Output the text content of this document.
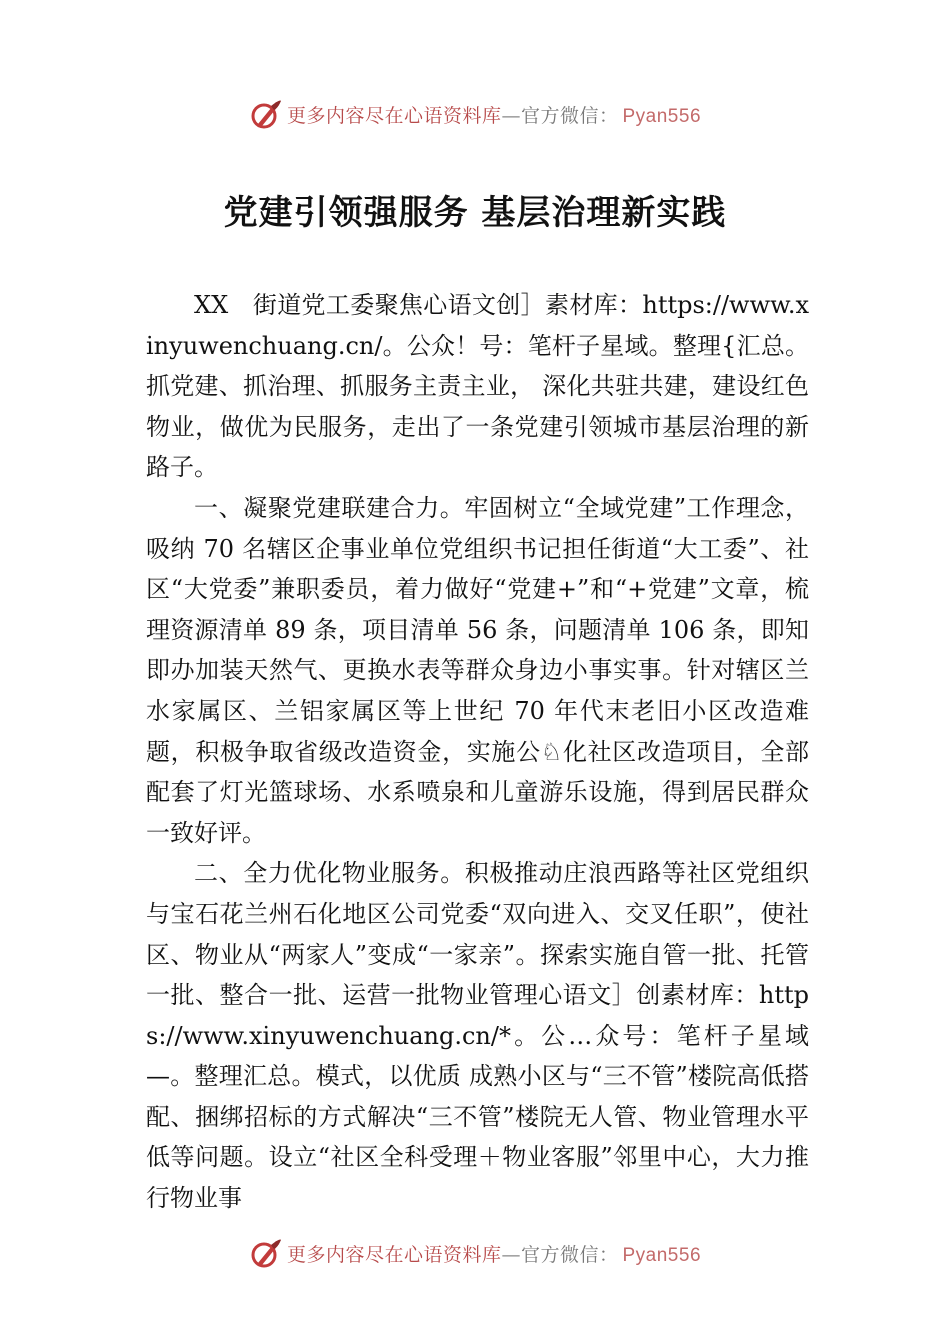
更多内容尽在心语资料库—官方微信： Pyan556
党建引领强服务 基层治理新实践

XX　街道党工委聚焦心语文创］素材库：https://www.xinyuwenchuang.cn/。公众！号：笔杆子星域。整理{汇总。抓党建、抓治理、抓服务主责主业， 深化共驻共建，建设红色物业，做优为民服务，走出了一条党建引领城市基层治理的新路子。

一、凝聚党建联建合力。牢固树立“全域党建”工作理念，吸纳 70 名辖区企事业单位党组织书记担任街道“大工委”、社区“大党委”兼职委员，着力做好“党建+”和“+党建”文章，梳理资源清单 89 条，项目清单 56 条，问题清单 106 条，即知即办加装天然气、更换水表等群众身边小事实事。针对辖区兰水家属区、兰铝家属区等上世纪 70 年代末老旧小区改造难题，积极争取省级改造资金，实施公♘化社区改造项目，全部配套了灯光篮球场、水系喷泉和儿童游乐设施，得到居民群众一致好评。

二、全力优化物业服务。积极推动庄浪西路等社区党组织与宝石花兰州石化地区公司党委“双向进入、交叉任职”，使社区、物业从“两家人”变成“一家亲”。探索实施自管一批、托管一批、整合一批、运营一批物业管理心语文］创素材库：https://www.xinyuwenchuang.cn/*。公…众号：笔杆子星域—。整理汇总。模式，以优质 成熟小区与“三不管”楼院高低搭配、捆绑招标的方式解决“三不管”楼院无人管、物业管理水平低等问题。设立“社区全科受理＋物业客服”邻里中心，大力推行物业事

更多内容尽在心语资料库—官方微信： Pyan556
